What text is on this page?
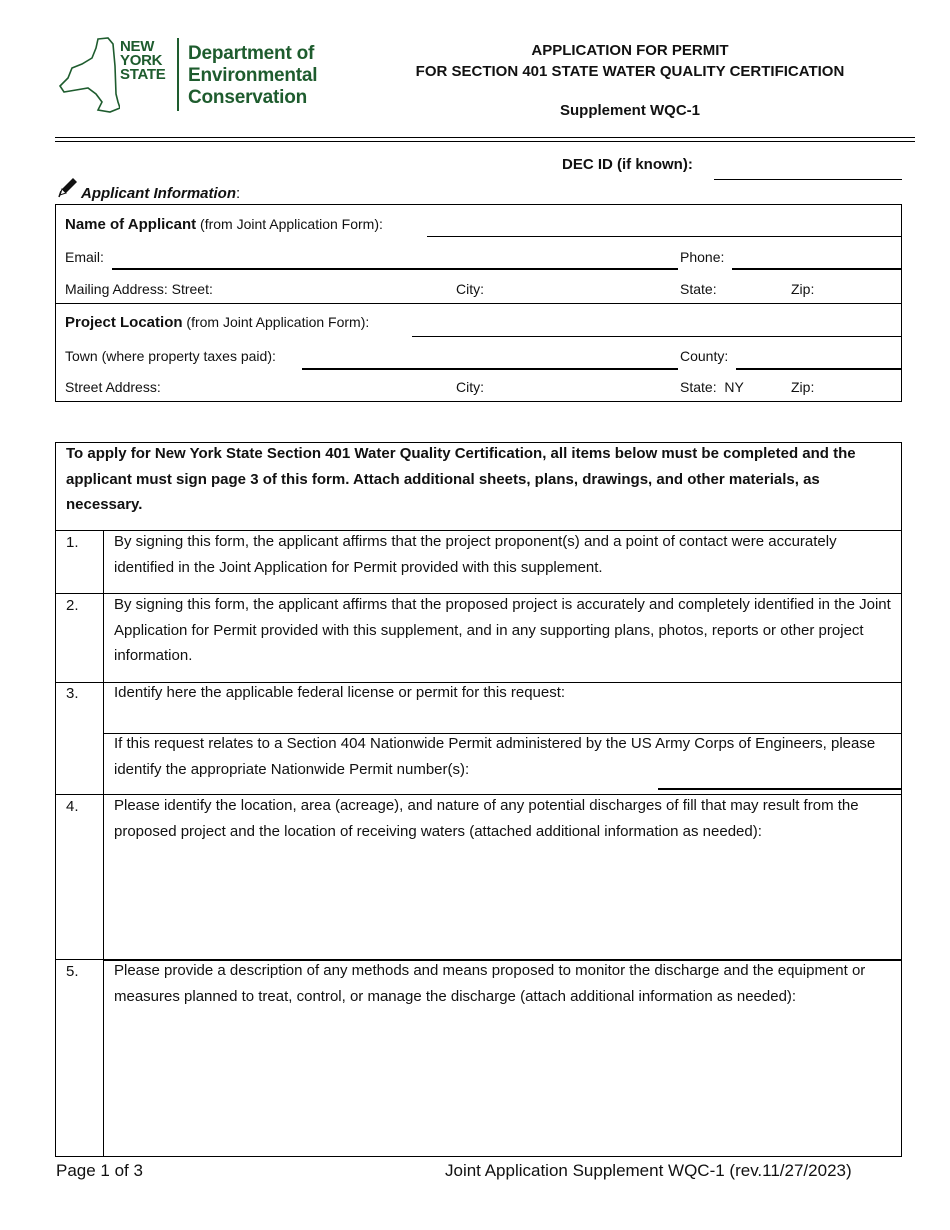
NEW
YORK
STATE
Department of
Environmental
Conservation
APPLICATION FOR PERMIT
FOR SECTION 401 STATE WATER QUALITY CERTIFICATION
Supplement WQC-1
DEC ID (if known):
Applicant Information:
Name of Applicant (from Joint Application Form):
Email:	Phone:
Mailing Address: Street:	City:	State:	Zip:
Project Location (from Joint Application Form):
Town (where property taxes paid):	County:
Street Address:	City:	State: NY	Zip:
To apply for New York State Section 401 Water Quality Certification, all items below must be completed and the applicant must sign page 3 of this form. Attach additional sheets, plans, drawings, and other materials, as necessary.
1. By signing this form, the applicant affirms that the project proponent(s) and a point of contact were accurately identified in the Joint Application for Permit provided with this supplement.
2. By signing this form, the applicant affirms that the proposed project is accurately and completely identified in the Joint Application for Permit provided with this supplement, and in any supporting plans, photos, reports or other project information.
3. Identify here the applicable federal license or permit for this request:
If this request relates to a Section 404 Nationwide Permit administered by the US Army Corps of Engineers, please identify the appropriate Nationwide Permit number(s):
4. Please identify the location, area (acreage), and nature of any potential discharges of fill that may result from the proposed project and the location of receiving waters (attached additional information as needed):
5. Please provide a description of any methods and means proposed to monitor the discharge and the equipment or measures planned to treat, control, or manage the discharge (attach additional information as needed):
Page 1 of 3	Joint Application Supplement WQC-1 (rev.11/27/2023)
